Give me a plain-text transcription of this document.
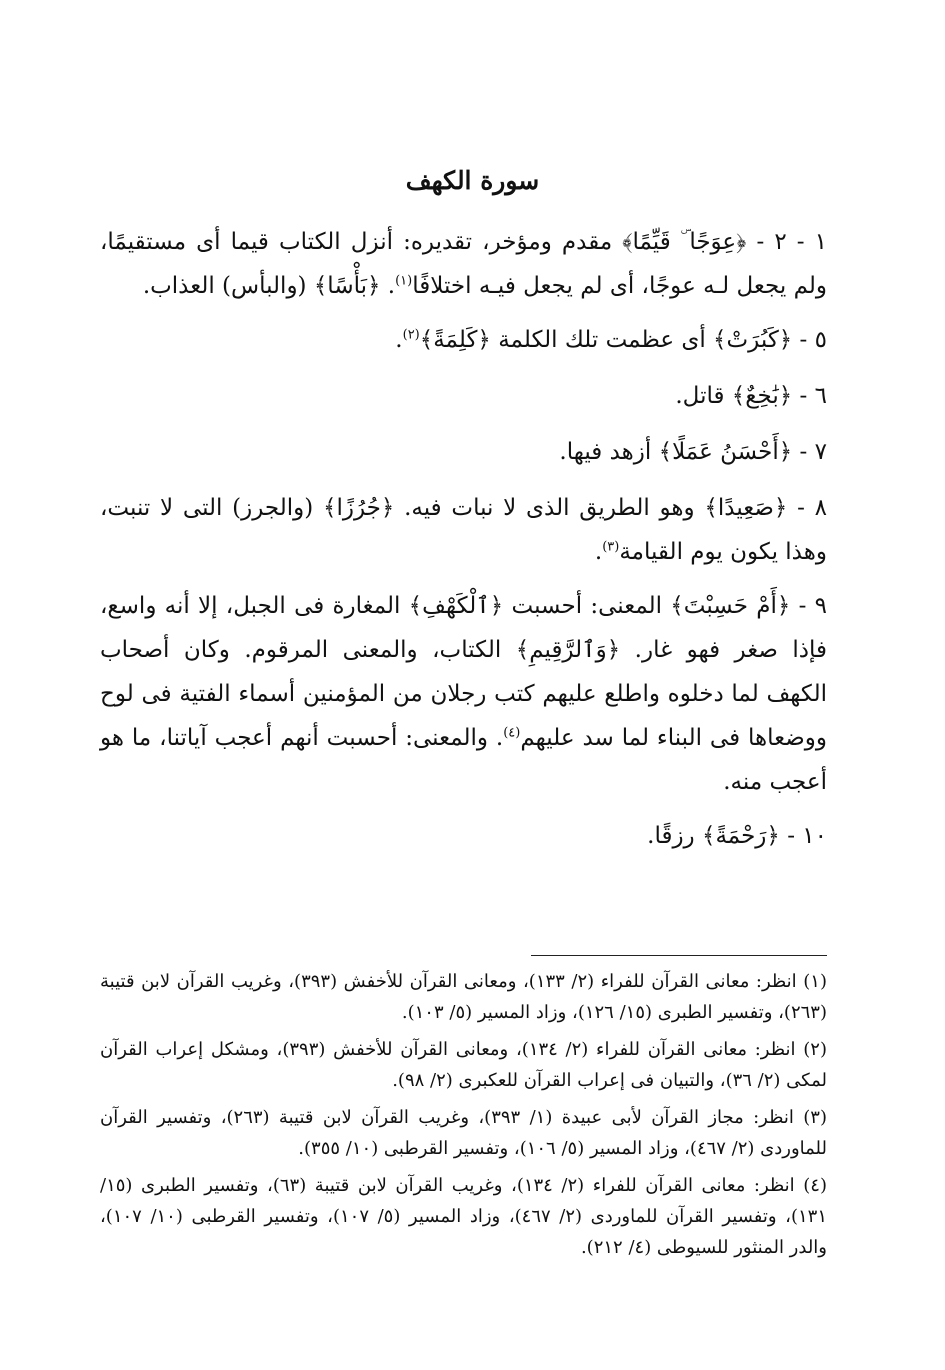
سورة الكهف

١ - ٢ - ﴿عِوَجًا ۜ قَيِّمًا﴾ مقدم ومؤخر، تقديره: أنزل الكتاب قيما أى مستقيمًا، ولم يجعل لـه عوجًا، أى لم يجعل فيـه اختلافًا$^{(١)}$. ﴿بَأْسًا﴾ (والبأس) العذاب.

٥ - ﴿كَبُرَتْ﴾ أى عظمت تلك الكلمة ﴿كَلِمَةً﴾$^{(٢)}$.

٦ - ﴿بَٰخِعٌ﴾ قاتل.

٧ - ﴿أَحْسَنُ عَمَلًا﴾ أزهد فيها.

٨ - ﴿صَعِيدًا﴾ وهو الطريق الذى لا نبات فيه. ﴿جُرُزًا﴾ (والجرز) التى لا تنبت، وهذا يكون يوم القيامة$^{(٣)}$.

٩ - ﴿أَمْ حَسِبْتَ﴾ المعنى: أحسبت ﴿ٱلْكَهْفِ﴾ المغارة فى الجبل، إلا أنه واسع، فإذا صغر فهو غار. ﴿وَٱلرَّقِيمِ﴾ الكتاب، والمعنى المرقوم. وكان أصحاب الكهف لما دخلوه واطلع عليهم كتب رجلان من المؤمنين أسماء الفتية فى لوح ووضعاها فى البناء لما سد عليهم$^{(٤)}$. والمعنى: أحسبت أنهم أعجب آياتنا، ما هو أعجب منه.

١٠ - ﴿رَحْمَةً﴾ رزقًا.

(١) انظر: معانى القرآن للفراء (٢/ ١٣٣)، ومعانى القرآن للأخفش (٣٩٣)، وغريب القرآن لابن قتيبة (٢٦٣)، وتفسير الطبرى (١٥/ ١٢٦)، وزاد المسير (٥/ ١٠٣).
(٢) انظر: معانى القرآن للفراء (٢/ ١٣٤)، ومعانى القرآن للأخفش (٣٩٣)، ومشكل إعراب القرآن لمكى (٢/ ٣٦)، والتبيان فى إعراب القرآن للعكبرى (٢/ ٩٨).
(٣) انظر: مجاز القرآن لأبى عبيدة (١/ ٣٩٣)، وغريب القرآن لابن قتيبة (٢٦٣)، وتفسير القرآن للماوردى (٢/ ٤٦٧)، وزاد المسير (٥/ ١٠٦)، وتفسير القرطبى (١٠/ ٣٥٥).
(٤) انظر: معانى القرآن للفراء (٢/ ١٣٤)، وغريب القرآن لابن قتيبة (٦٣)، وتفسير الطبرى (١٥/ ١٣١)، وتفسير القرآن للماوردى (٢/ ٤٦٧)، وزاد المسير (٥/ ١٠٧)، وتفسير القرطبى (١٠/ ١٠٧)، والدر المنثور للسيوطى (٤/ ٢١٢).
